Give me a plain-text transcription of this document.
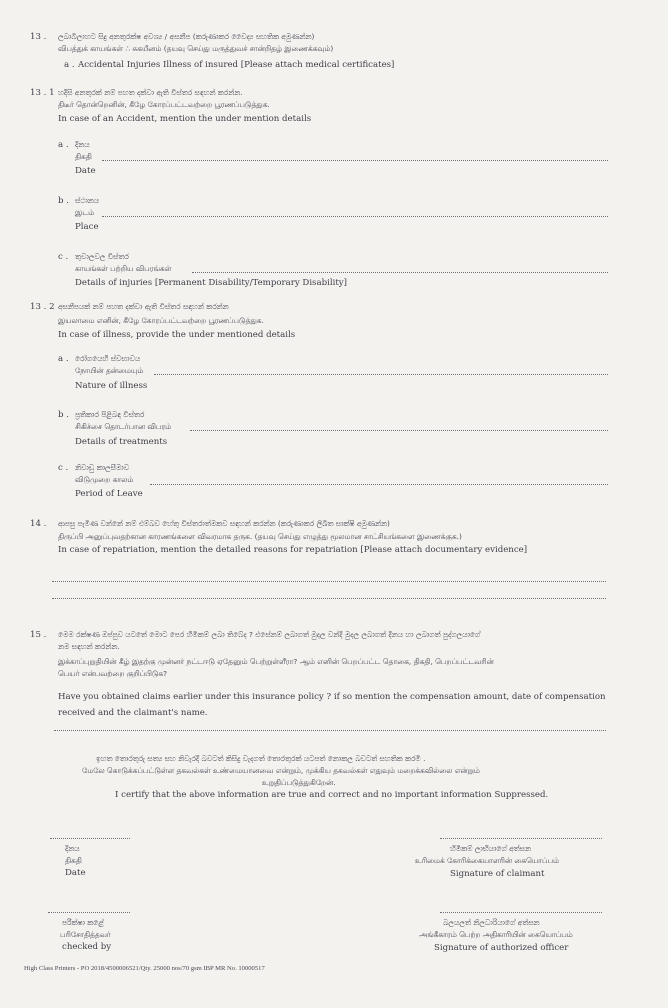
13 . ලබාබිලාහට සිදු අනතුරක්ෂ අවශ්‍ය / අසනීප (කරුණාකර වෛද්‍ය සහතික අමුණන්න)
விபத்துக் காயங்கள் ∴ சுகயீனம் (தயவு செய்து மருத்துவச் சான்றிதழ் இணைக்கவும்)
a . Accidental Injuries Illness of insured [Please attach medical certificates]
13 . 1 හදිසි අනතුරක් නම් පහත දක්වා ඇති විස්තර සඳහන් කරන්න.
திடீர் தொன்றெனின், கீழே கோரப்பட்டவற்றை பூரணப்படுத்துக.
In case of an Accident, mention the under mention details
a . දිනය
திகதி
Date
b . ස්ථානය
இடம்
Place
c . තුවාලවල විස්තර
காயங்கள் பற்றிய விபரங்கள்
Details of injuries [Permanent Disability/Temporary Disability]
13 . 2 අසනීපයක් නම් පහත දක්වා ඇති විස්තර සඳහන් කරන්න
இயலாமை எனின், கீழே கோரப்பட்டவற்றை பூரணப்படுத்துக.
In case of illness, provide the under mentioned details
a . රෝගයෙහි ස්වභාවය
நோயின் தன்மையும்
Nature of illness
b . ප්‍රතිකාර පිළිබඳ විස්තර
சிகிச்சை தொடர்பான விபரம்
Details of treatments
c . නිවාඩු කාලසීමාව
விடுமுறை காலம்
Period of Leave
14 . ආපසු පැමිණ වන්නේ නම් එම්බව හේතු විස්තරාත්මකව සඳහන් කරන්න (කරුණාකර ලිඛිත සාක්ෂි අමුණන්න)
திருப்பி அனுப்புவதற்கான காரணங்களை விவரமாக தருக. (தயவு செய்து எழுத்து மூலமான சாட்சியங்களை இணைக்குக.)
In case of repatriation, mention the detailed reasons for repatriation [Please attach documentary evidence]
15 . මෙම රක්ෂණ ඔප්පුව යටතේ මොට පෙර හිමිකම් ලබා තිබේද ? එසේනම් ලබාගත් මුදල වන්දි මුදල ලබාගත් දිනය හා ලබාගත් පුද්ගලයාගේ
නම සඳහන් කරන්න.
இக்காப்புறுதியின் கீழ் இதற்கு முன்னர் நட்டஈடு ஏதேனும் பெற்றுள்ளீரா? ஆம் எனின் பெறப்பட்ட தொகை, திகதி, பெறப்பட்டவரின்
பெயர் என்பவற்றை குறிப்பிடுக?
Have you obtained claims earlier under this insurance policy ? if so mention the compensation amount, date of compensation
received and the claimant's name.
ඉහත තොරතුරු සත්‍ය සහ නිවැරදි බවටත් කිසිදු වැදගත් තොරතුරක් යටපත් නොකල බවටත් සහතික කරමි .
மேலே கொடுக்கப்பட்டுள்ள தகவல்கள் உண்மையானவை என்றும், முக்கிய தகவல்கள் எதுவும் மறைக்கவில்லை என்றும்
உறுதிப்படுத்துகிறேன்.
I certify that the above information are true and correct and no important information Suppressed.
දිනය
திகதி
Date
හිමිකම් ලාභියාගේ අත්සන
உரிமைக் கோரிக்கையாளரின் கையொப்பம்
Signature of claimant
පරීක්ෂා කළේ
பரிசோதித்தவர்
checked by
බලයලත් නිලධාරියාගේ අත්සන
அங்கீகாரம் பெற்ற அதிகாரியின் கையொப்பம்
Signature of authorized officer
High Class Printers - PO 2018/4500006521/Qty. 25000 nos/70 gsm IBP MR No. 10000517
